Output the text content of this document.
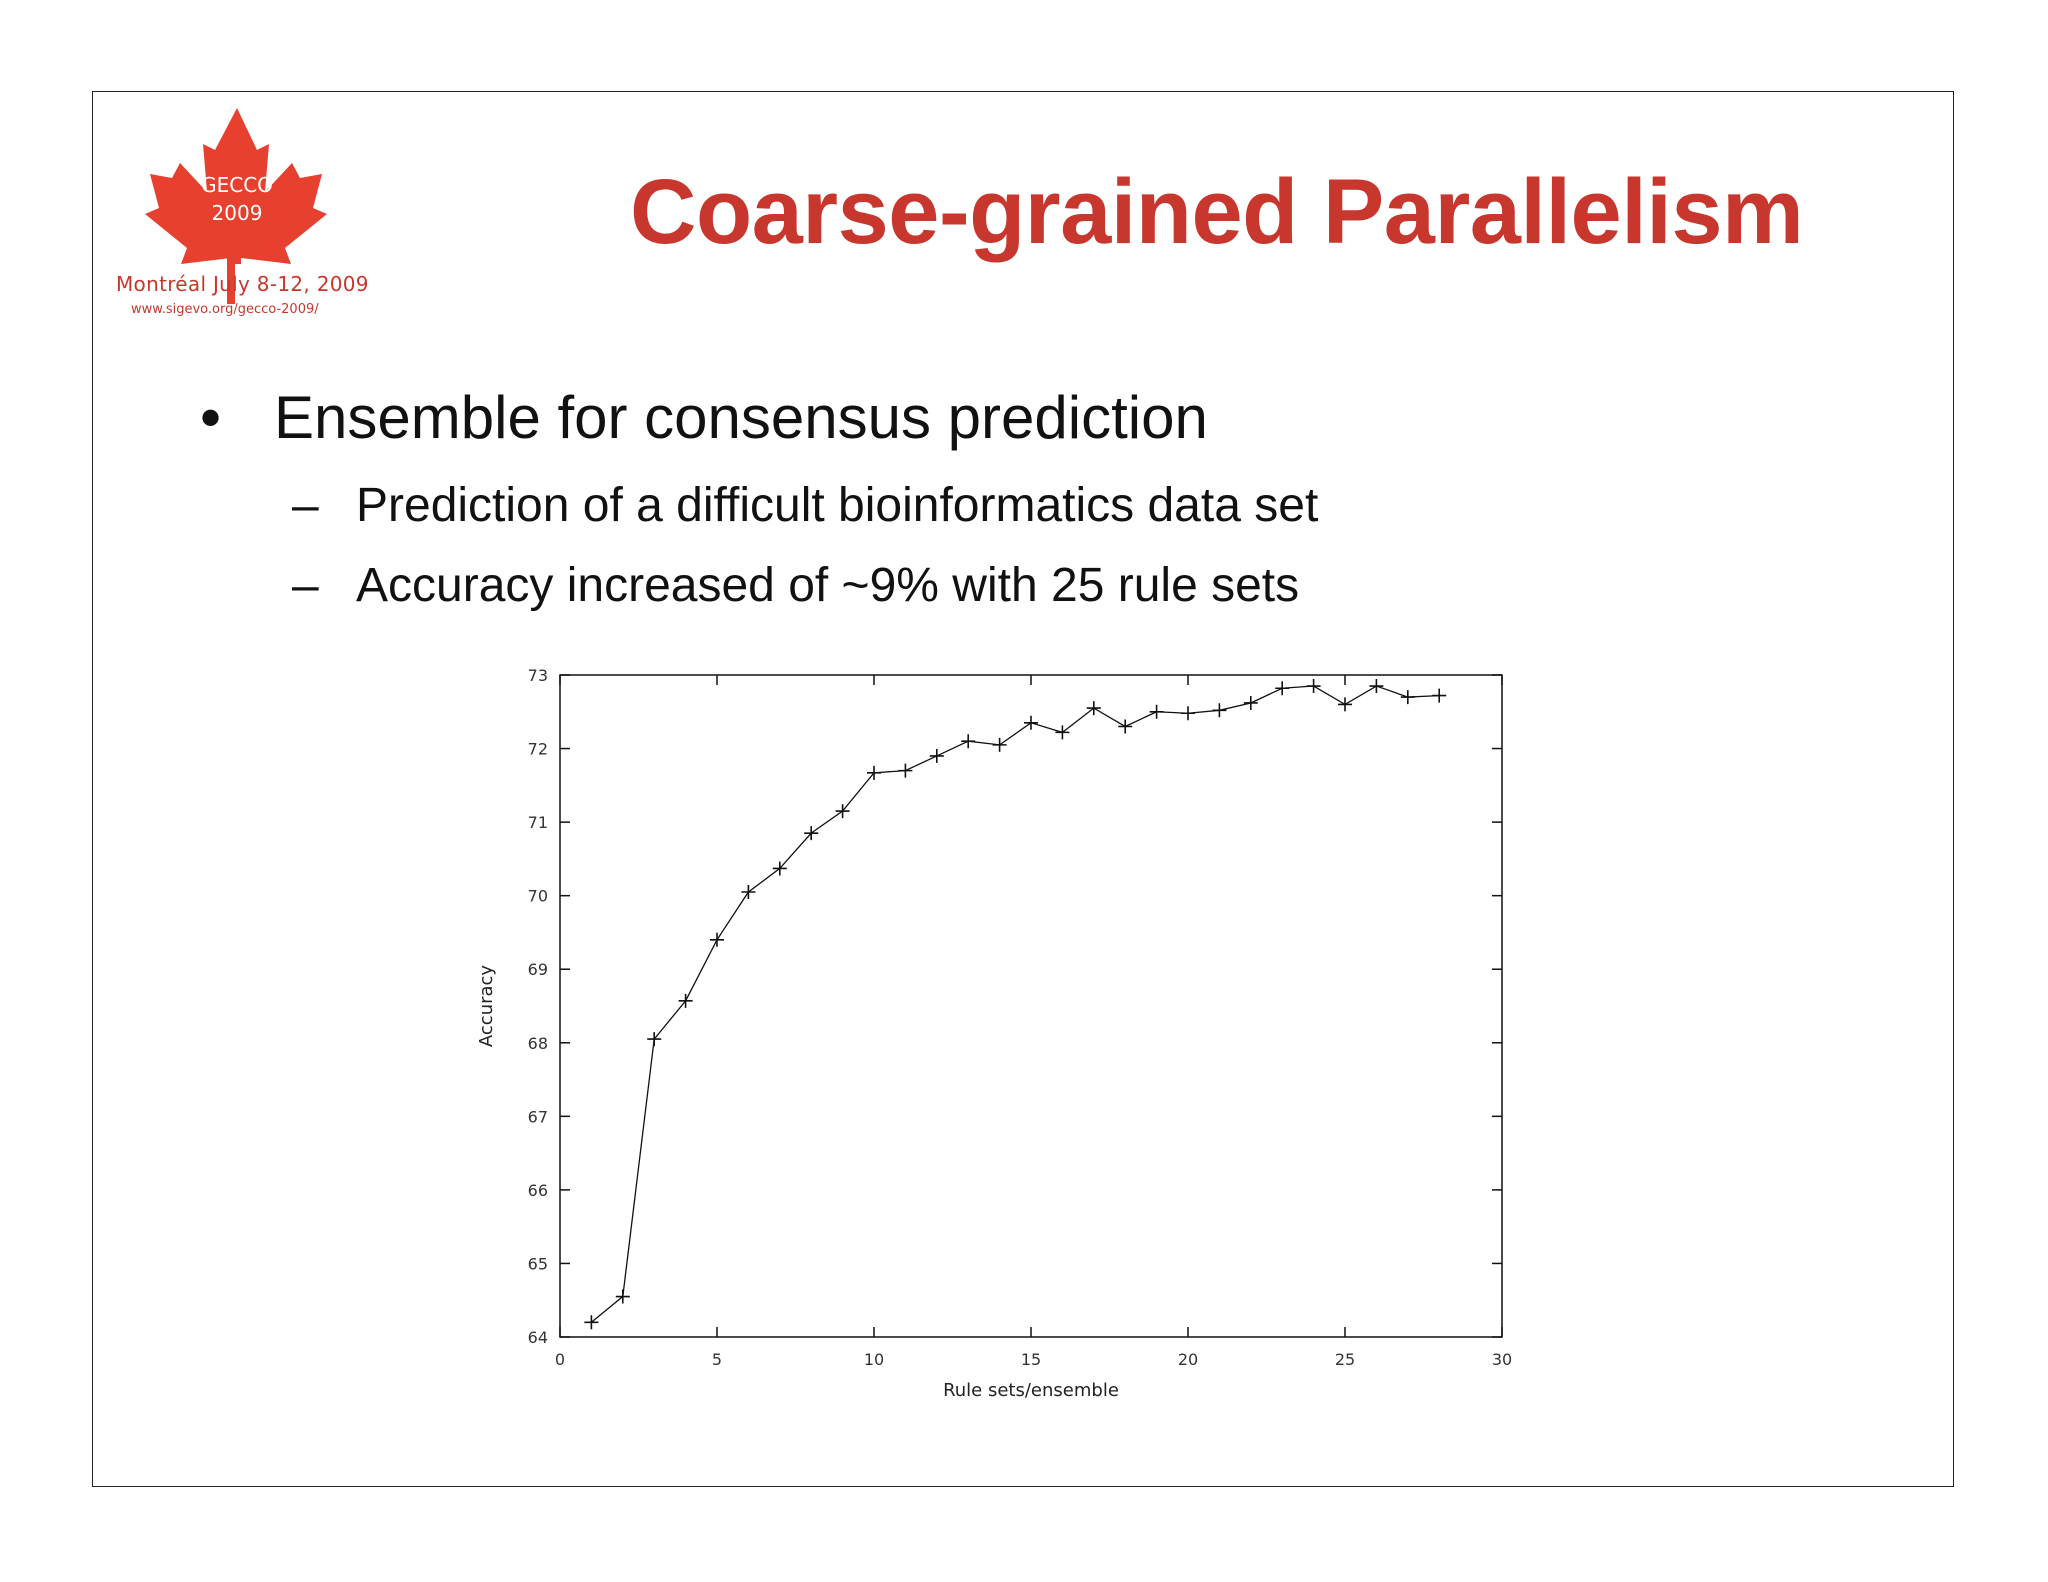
GECCO
2009
Montréal July 8-12, 2009
www.sigevo.org/gecco-2009/
Coarse-grained Parallelism
• Ensemble for consensus prediction
– Prediction of a difficult bioinformatics data set
– Accuracy increased of ~9% with 25 rule sets
64
65
66
67
68
69
70
71
72
73
0	5	10	15	20	25	30
Rule sets/ensemble
Accuracy
